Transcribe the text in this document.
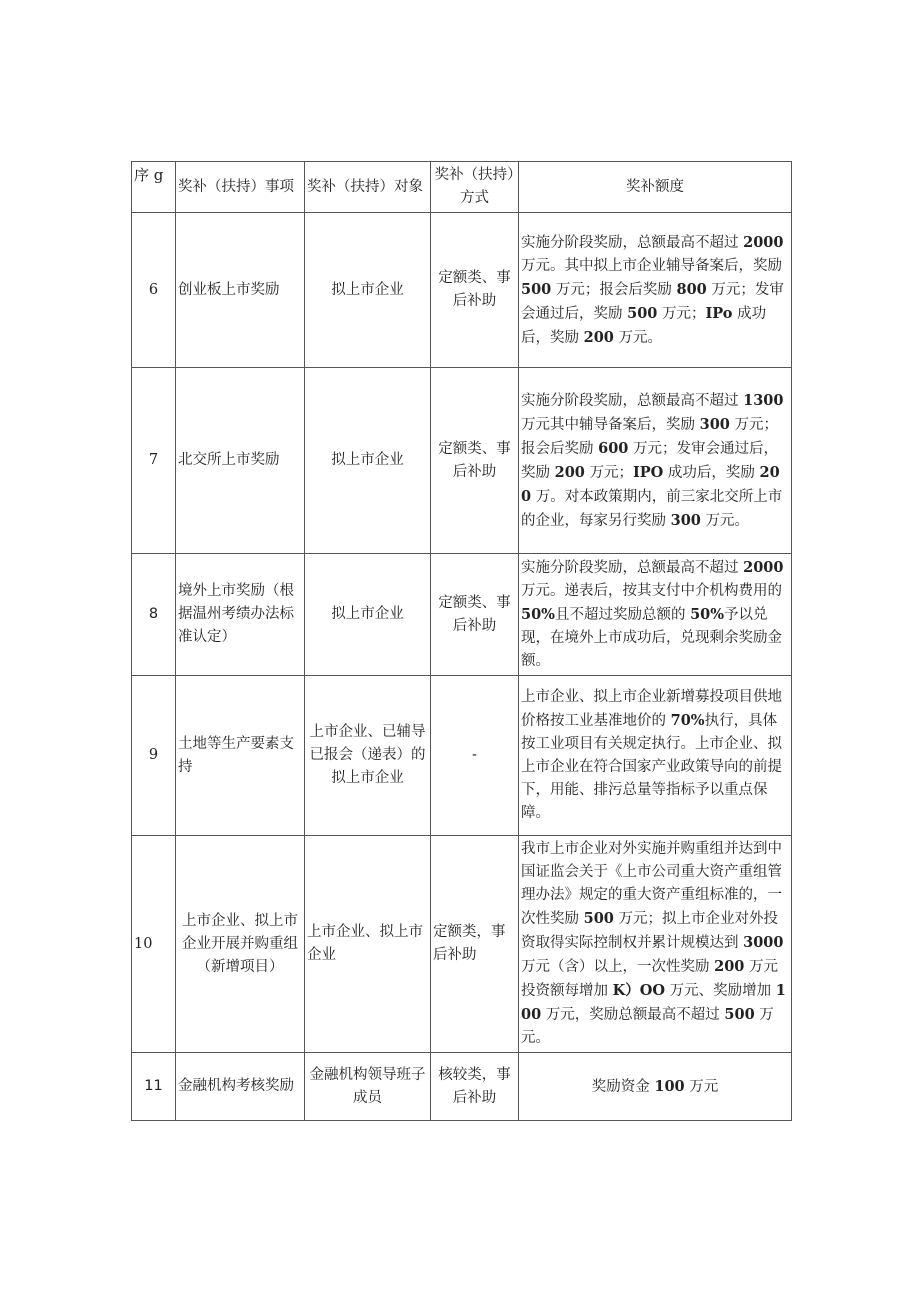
序 g	奖补（扶持）事项	奖补（扶持）对象	奖补（扶持）方式	奖补额度
6	创业板上市奖励	拟上市企业	定额类、事后补助	实施分阶段奖励，总额最高不超过 2000 万元。其中拟上市企业辅导备案后，奖励 500 万元；报会后奖励 800 万元；发审会通过后，奖励 500 万元；IPo 成功后，奖励 200 万元。
7	北交所上市奖励	拟上市企业	定额类、事后补助	实施分阶段奖励，总额最高不超过 1300 万元其中辅导备案后，奖励 300 万元；报会后奖励 600 万元；发审会通过后，奖励 200 万元；IPO 成功后，奖励 200 万。对本政策期内，前三家北交所上市的企业，每家另行奖励 300 万元。
8	境外上市奖励（根据温州考绩办法标准认定）	拟上市企业	定额类、事后补助	实施分阶段奖励，总额最高不超过 2000 万元。递表后，按其支付中介机构费用的 50%且不超过奖励总额的 50%予以兑现，在境外上市成功后，兑现剩余奖励金额。
9	土地等生产要素支持	上市企业、已辅导已报会（递表）的拟上市企业	-	上市企业、拟上市企业新增募投项目供地价格按工业基准地价的 70%执行，具体按工业项目有关规定执行。上市企业、拟上市企业在符合国家产业政策导向的前提下，用能、排污总量等指标予以重点保障。
10	上市企业、拟上市企业开展并购重组（新增项目）	上市企业、拟上市企业	定额类，事后补助	我市上市企业对外实施并购重组并达到中国证监会关于《上市公司重大资产重组管理办法》规定的重大资产重组标准的，一次性奖励 500 万元；拟上市企业对外投资取得实际控制权并累计规模达到 3000 万元（含）以上，一次性奖励 200 万元投资额每增加 K）OO 万元、奖励增加 100 万元，奖励总额最高不超过 500 万元。
11	金融机构考核奖励	金融机构领导班子成员	核较类，事后补助	奖励资金 100 万元
